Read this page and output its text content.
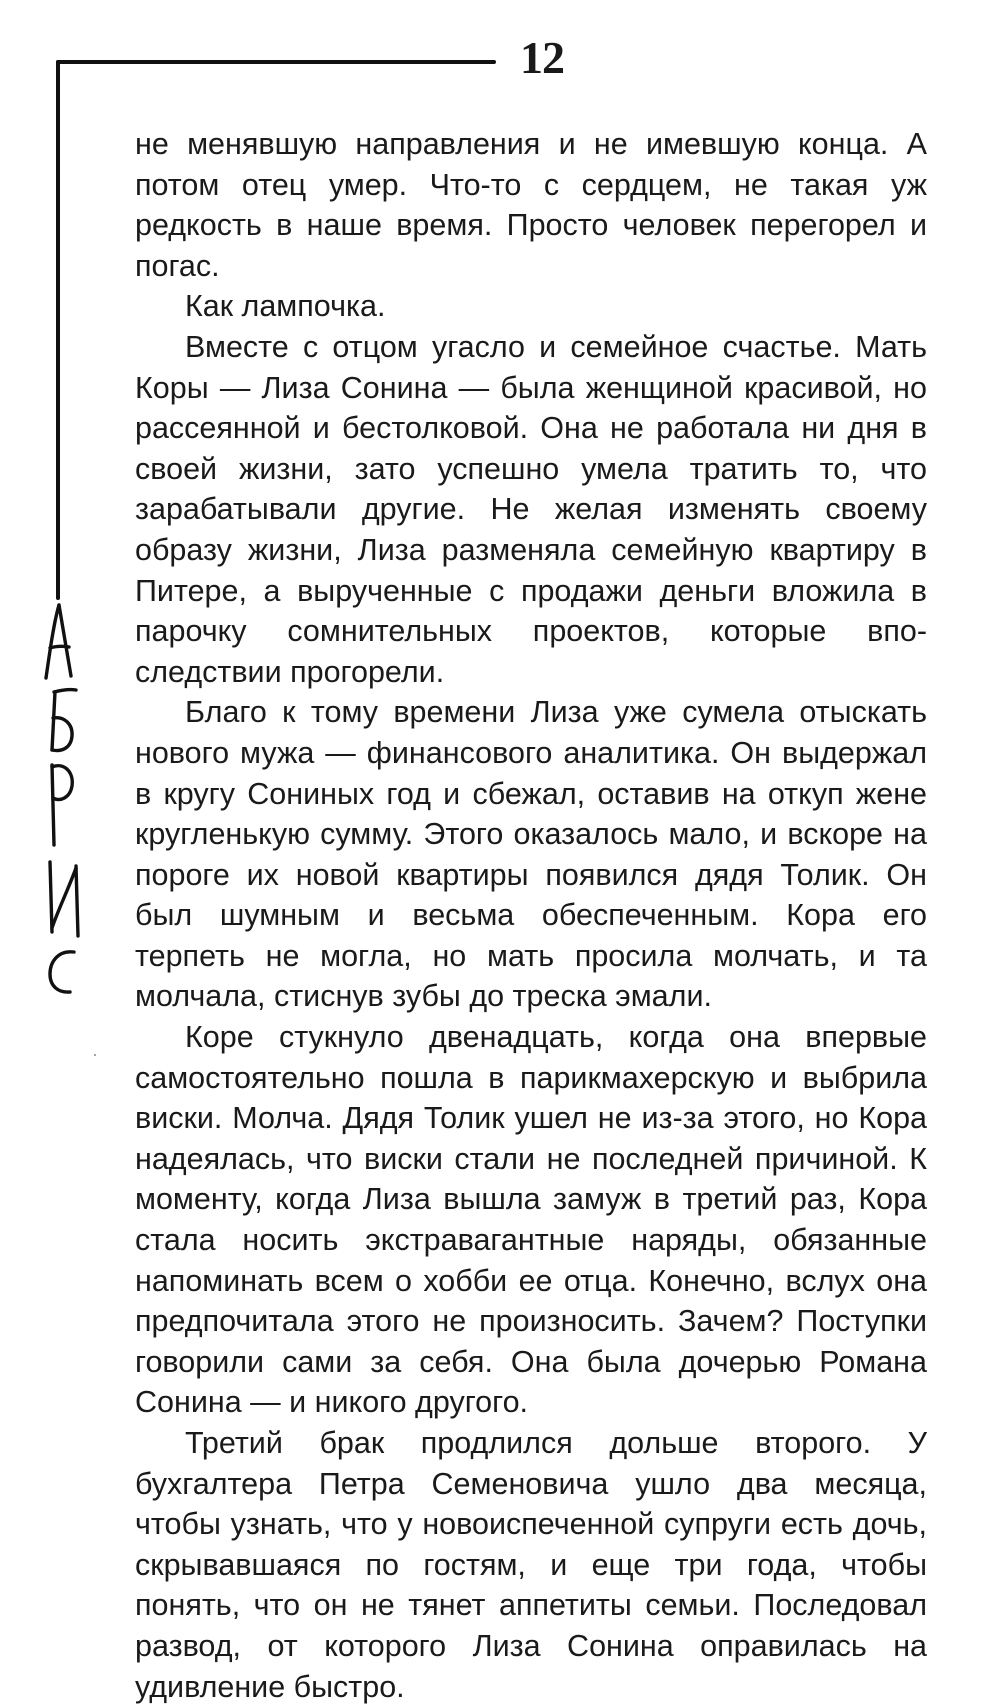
12

не менявшую направления и не имевшую конца. А потом отец умер. Что-то с сердцем, не такая уж редкость в наше время. Просто человек перегорел и погас.

Как лампочка.

Вместе с отцом угасло и семейное счастье. Мать Коры — Лиза Сонина — была женщиной красивой, но рассеянной и бестолковой. Она не работала ни дня в своей жизни, зато успешно умела тратить то, что зарабатывали другие. Не желая изменять своему образу жизни, Лиза разменяла семейную квартиру в Питере, а вырученные с продажи деньги вложила в парочку сомнительных проектов, которые впоследствии прогорели.

Благо к тому времени Лиза уже сумела отыскать нового мужа — финансового аналитика. Он выдержал в кругу Сониных год и сбежал, оставив на откуп жене кругленькую сумму. Этого оказалось мало, и вскоре на пороге их новой квартиры появился дядя Толик. Он был шумным и весьма обеспеченным. Кора его терпеть не могла, но мать просила молчать, и та молчала, стиснув зубы до треска эмали.

Коре стукнуло двенадцать, когда она впервые самостоятельно пошла в парикмахерскую и выбрила виски. Молча. Дядя Толик ушел не из-за этого, но Кора надеялась, что виски стали не последней причиной. К моменту, когда Лиза вышла замуж в третий раз, Кора стала носить экстравагантные наряды, обязанные напоминать всем о хобби ее отца. Конечно, вслух она предпочитала этого не произносить. Зачем? Поступки говорили сами за себя. Она была дочерью Романа Сонина — и никого другого.

Третий брак продлился дольше второго. У бухгалтера Петра Семеновича ушло два месяца, чтобы узнать, что у новоиспеченной супруги есть дочь, скрывавшаяся по гостям, и еще три года, чтобы понять, что он не тянет аппетиты семьи. Последовал развод, от которого Лиза Сонина оправилась на удивление быстро.
